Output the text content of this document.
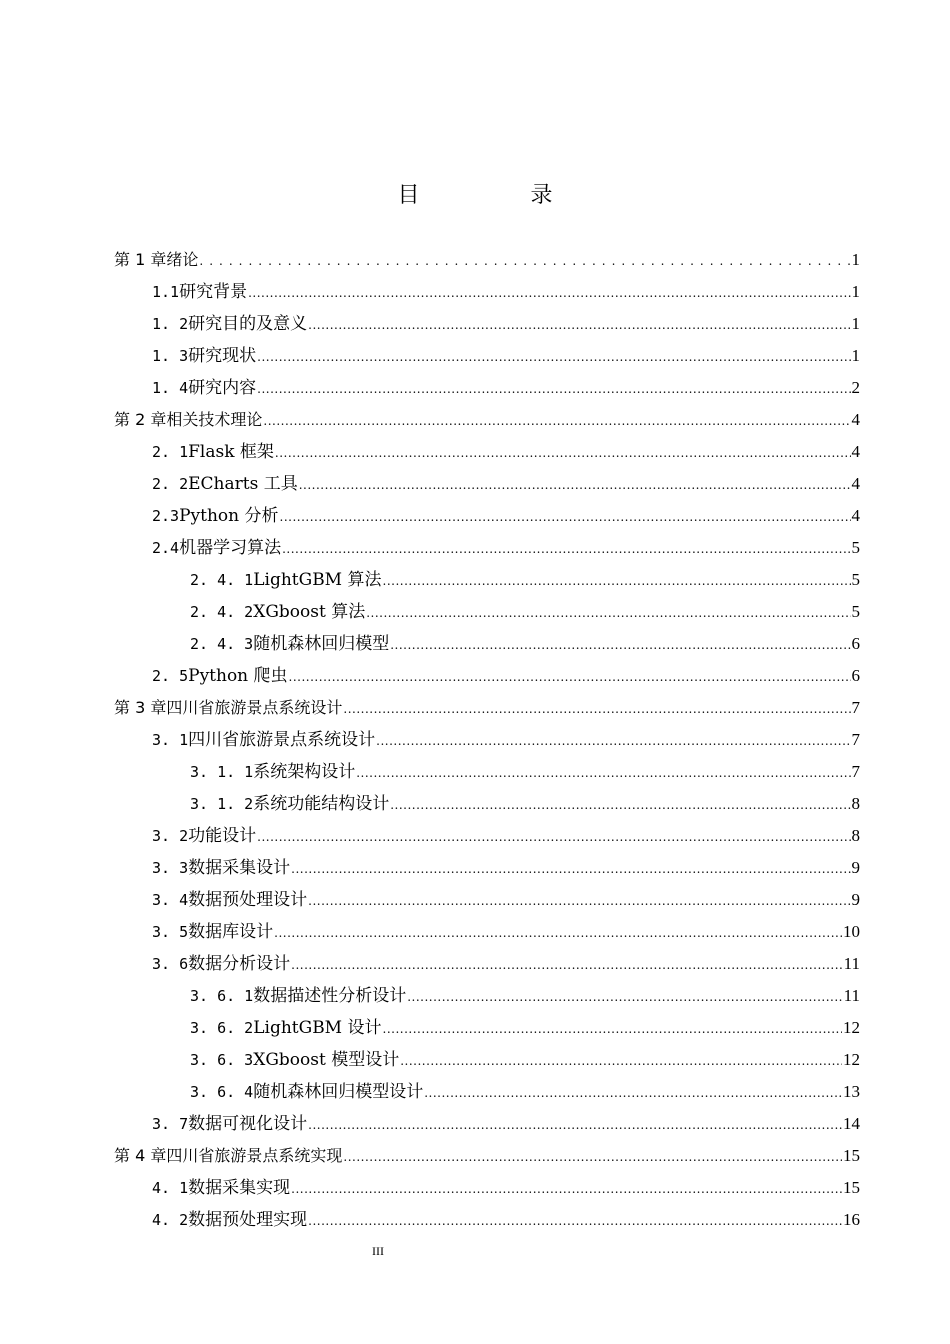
目 录
第 1 章 绪论 .....	1
1.1 研究背景 .....	1
1. 2 研究目的及意义 .....	1
1. 3 研究现状 .....	1
1. 4 研究内容 .....	2
第 2 章 相关技术理论 .....	4
2. 1 Flask 框架 .....	4
2. 2 ECharts 工具 .....	4
2.3 Python 分析 .....	4
2.4 机器学习算法 .....	5
2. 4. 1 LightGBM 算法 .....	5
2. 4. 2 XGboost 算法 .....	5
2. 4. 3 随机森林回归模型 .....	6
2. 5 Python 爬虫 .....	6
第 3 章 四川省旅游景点系统设计 .....	7
3. 1 四川省旅游景点系统设计 .....	7
3. 1. 1 系统架构设计 .....	7
3. 1. 2 系统功能结构设计 .....	8
3. 2 功能设计 .....	8
3. 3 数据采集设计 .....	9
3. 4 数据预处理设计 .....	9
3. 5 数据库设计 .....	10
3. 6 数据分析设计 .....	11
3. 6. 1 数据描述性分析设计 .....	11
3. 6. 2 LightGBM 设计 .....	12
3. 6. 3 XGboost 模型设计 .....	12
3. 6. 4 随机森林回归模型设计 .....	13
3. 7 数据可视化设计 .....	14
第 4 章 四川省旅游景点系统实现 .....	15
4. 1 数据采集实现 .....	15
4. 2 数据预处理实现 .....	16
III
